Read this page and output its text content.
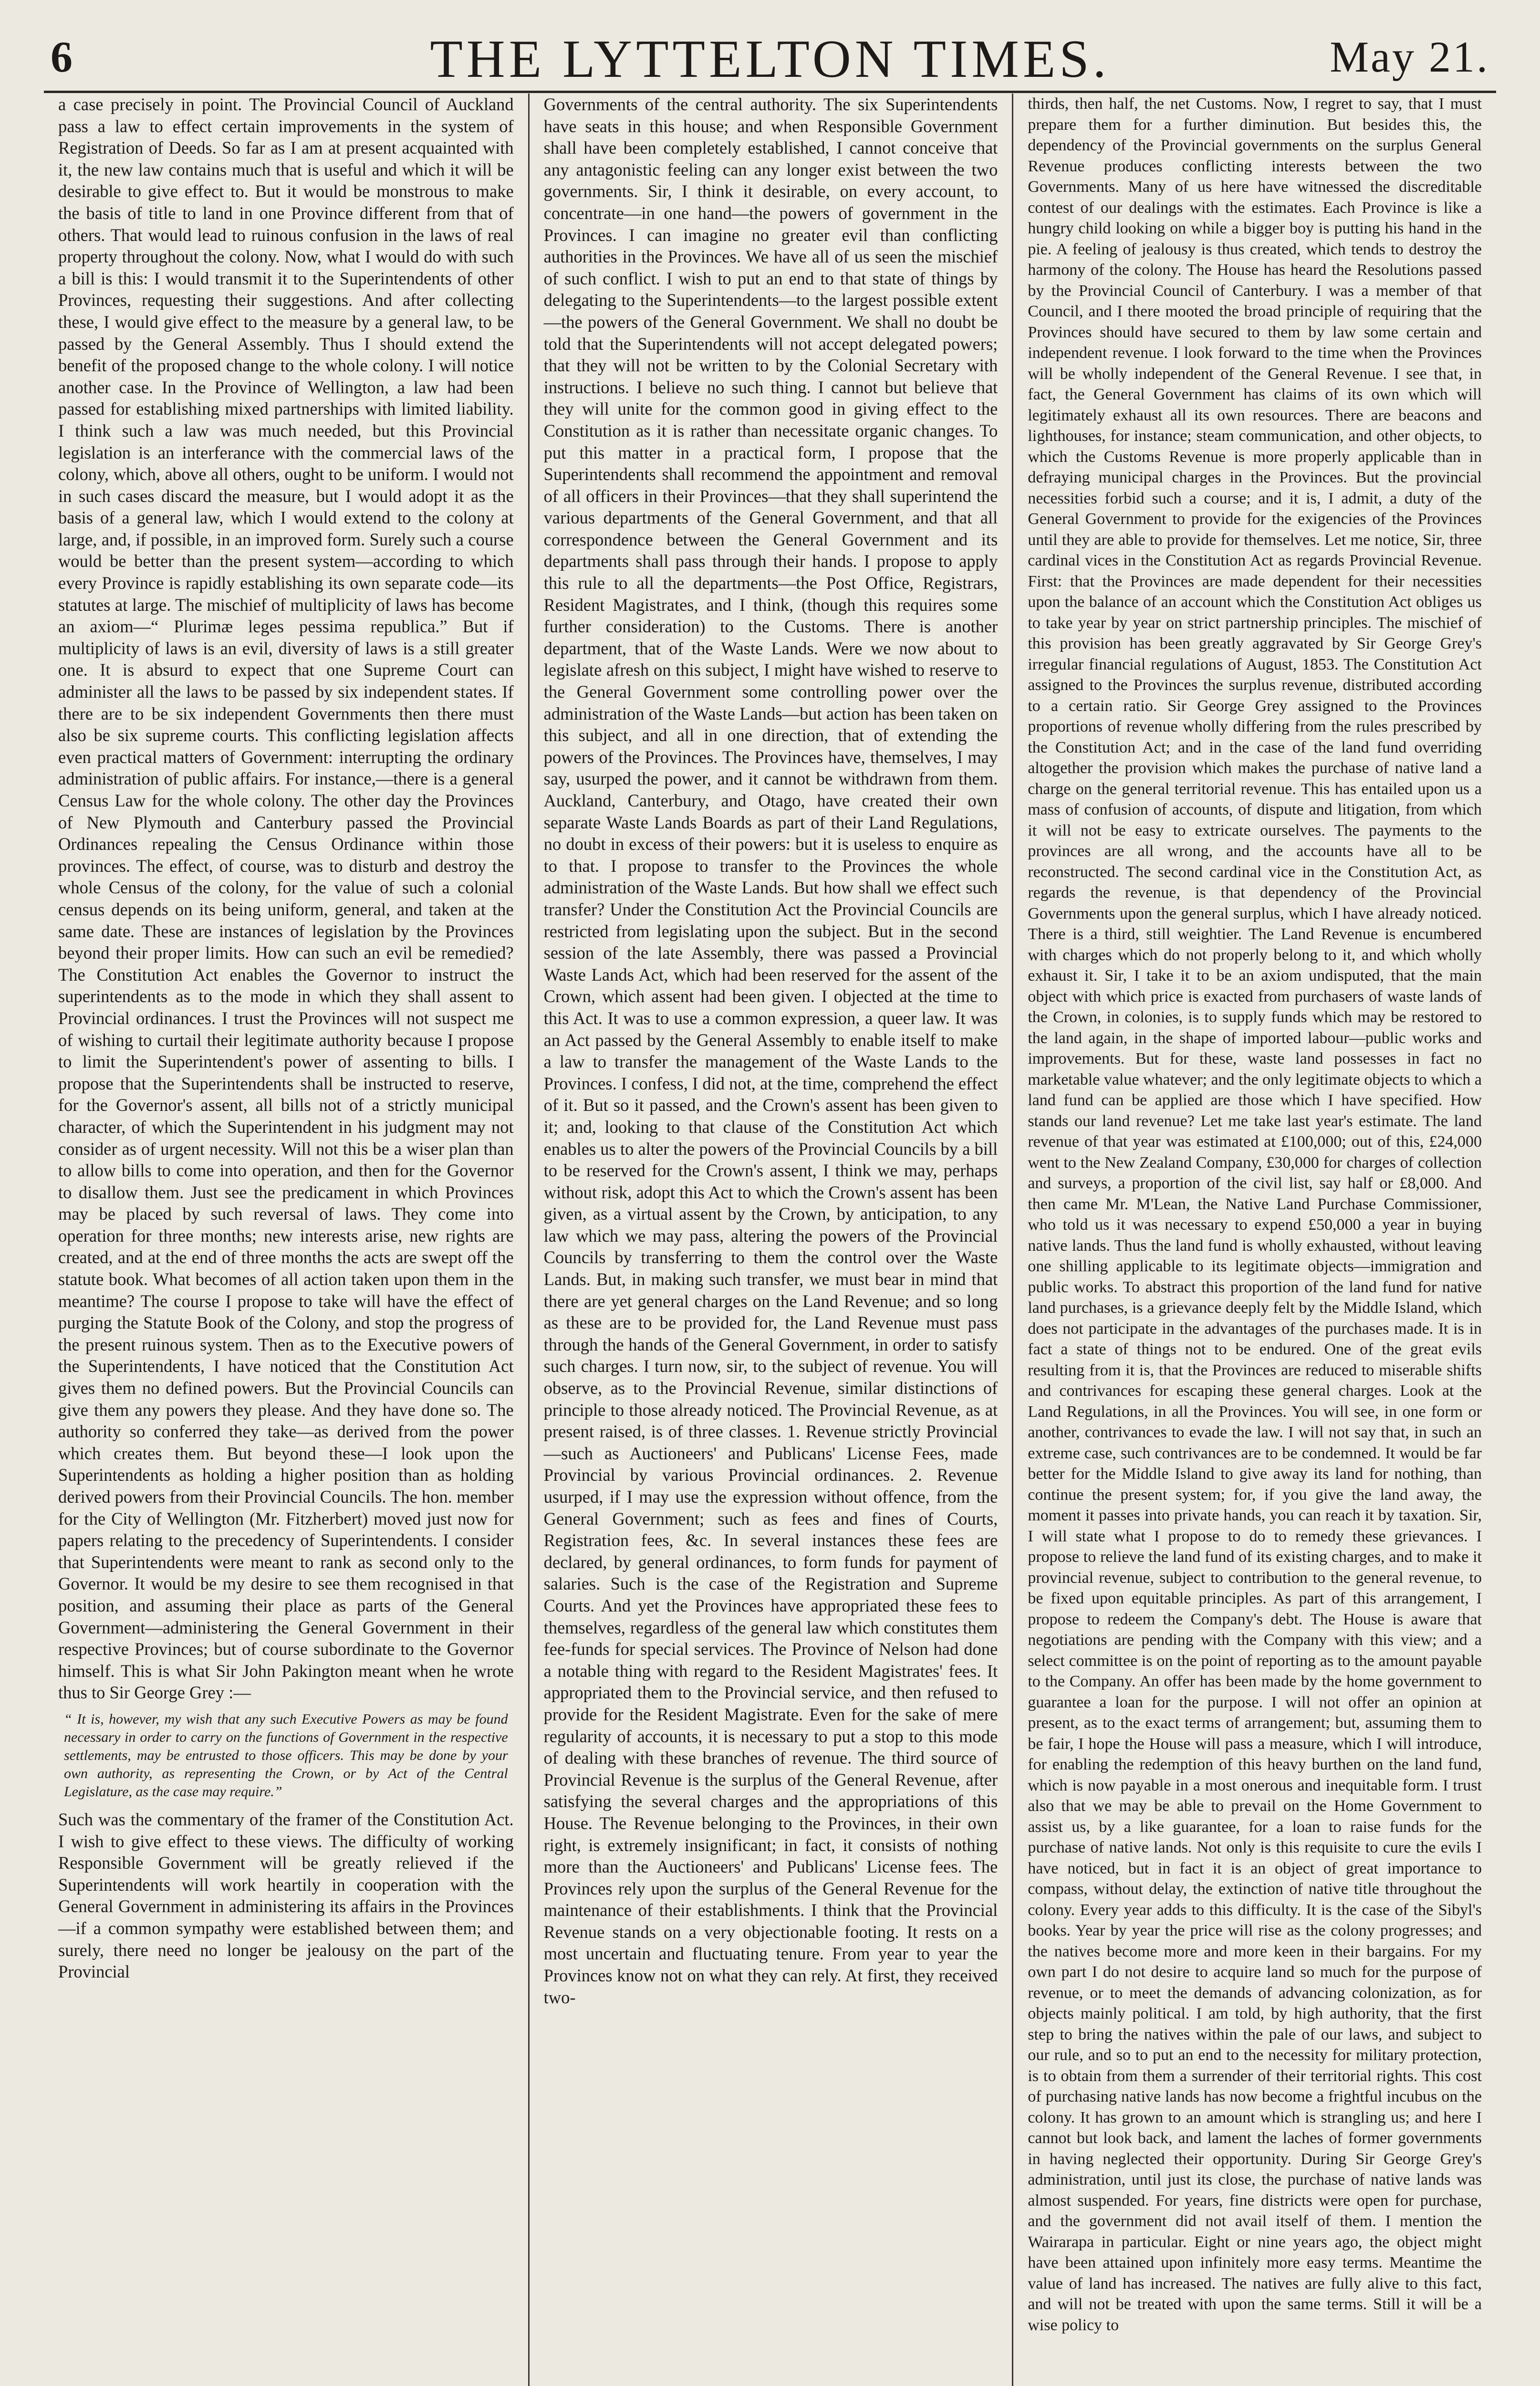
6	THE LYTTELTON TIMES.	May 21.

a case precisely in point. The Provincial Council of Auckland pass a law to effect certain improvements in the system of Registration of Deeds. So far as I am at present acquainted with it, the new law contains much that is useful and which it will be desirable to give effect to. But it would be monstrous to make the basis of title to land in one Province different from that of others. That would lead to ruinous confusion in the laws of real property throughout the colony. Now, what I would do with such a bill is this: I would transmit it to the Superintendents of other Provinces, requesting their suggestions. And after collecting these, I would give effect to the measure by a general law, to be passed by the General Assembly. Thus I should extend the benefit of the proposed change to the whole colony. I will notice another case. In the Province of Wellington, a law had been passed for establishing mixed partnerships with limited liability. I think such a law was much needed, but this Provincial legislation is an interferance with the commercial laws of the colony, which, above all others, ought to be uniform. I would not in such cases discard the measure, but I would adopt it as the basis of a general law, which I would extend to the colony at large, and, if possible, in an improved form. Surely such a course would be better than the present system—according to which every Province is rapidly establishing its own separate code—its statutes at large. The mischief of multiplicity of laws has become an axiom—“ Plurimæ leges pessima republica.” But if multiplicity of laws is an evil, diversity of laws is a still greater one. It is absurd to expect that one Supreme Court can administer all the laws to be passed by six independent states. If there are to be six independent Governments then there must also be six supreme courts. This conflicting legislation affects even practical matters of Government: interrupting the ordinary administration of public affairs. For instance,—there is a general Census Law for the whole colony. The other day the Provinces of New Plymouth and Canterbury passed the Provincial Ordinances repealing the Census Ordinance within those provinces. The effect, of course, was to disturb and destroy the whole Census of the colony, for the value of such a colonial census depends on its being uniform, general, and taken at the same date. These are instances of legislation by the Provinces beyond their proper limits. How can such an evil be remedied? The Constitution Act enables the Governor to instruct the superintendents as to the mode in which they shall assent to Provincial ordinances. I trust the Provinces will not suspect me of wishing to curtail their legitimate authority because I propose to limit the Superintendent's power of assenting to bills. I propose that the Superintendents shall be instructed to reserve, for the Governor's assent, all bills not of a strictly municipal character, of which the Superintendent in his judgment may not consider as of urgent necessity. Will not this be a wiser plan than to allow bills to come into operation, and then for the Governor to disallow them. Just see the predicament in which Provinces may be placed by such reversal of laws. They come into operation for three months; new interests arise, new rights are created, and at the end of three months the acts are swept off the statute book. What becomes of all action taken upon them in the meantime? The course I propose to take will have the effect of purging the Statute Book of the Colony, and stop the progress of the present ruinous system. Then as to the Executive powers of the Superintendents, I have noticed that the Constitution Act gives them no defined powers. But the Provincial Councils can give them any powers they please. And they have done so. The authority so conferred they take—as derived from the power which creates them. But beyond these—I look upon the Superintendents as holding a higher position than as holding derived powers from their Provincial Councils. The hon. member for the City of Wellington (Mr. Fitzherbert) moved just now for papers relating to the precedency of Superintendents. I consider that Superintendents were meant to rank as second only to the Governor. It would be my desire to see them recognised in that position, and assuming their place as parts of the General Government—administering the General Government in their respective Provinces; but of course subordinate to the Governor himself. This is what Sir John Pakington meant when he wrote thus to Sir George Grey :—

“ It is, however, my wish that any such Executive Powers as may be found necessary in order to carry on the functions of Government in the respective settlements, may be entrusted to those officers. This may be done by your own authority, as representing the Crown, or by Act of the Central Legislature, as the case may require.”

Such was the commentary of the framer of the Constitution Act. I wish to give effect to these views. The difficulty of working Responsible Government will be greatly relieved if the Superintendents will work heartily in cooperation with the General Government in administering its affairs in the Provinces—if a common sympathy were established between them; and surely, there need no longer be jealousy on the part of the Provincial

Governments of the central authority. The six Superintendents have seats in this house; and when Responsible Government shall have been completely established, I cannot conceive that any antagonistic feeling can any longer exist between the two governments. Sir, I think it desirable, on every account, to concentrate—in one hand—the powers of government in the Provinces. I can imagine no greater evil than conflicting authorities in the Provinces. We have all of us seen the mischief of such conflict. I wish to put an end to that state of things by delegating to the Superintendents—to the largest possible extent—the powers of the General Government. We shall no doubt be told that the Superintendents will not accept delegated powers; that they will not be written to by the Colonial Secretary with instructions. I believe no such thing. I cannot but believe that they will unite for the common good in giving effect to the Constitution as it is rather than necessitate organic changes. To put this matter in a practical form, I propose that the Superintendents shall recommend the appointment and removal of all officers in their Provinces—that they shall superintend the various departments of the General Government, and that all correspondence between the General Government and its departments shall pass through their hands. I propose to apply this rule to all the departments—the Post Office, Registrars, Resident Magistrates, and I think, (though this requires some further consideration) to the Customs. There is another department, that of the Waste Lands. Were we now about to legislate afresh on this subject, I might have wished to reserve to the General Government some controlling power over the administration of the Waste Lands—but action has been taken on this subject, and all in one direction, that of extending the powers of the Provinces. The Provinces have, themselves, I may say, usurped the power, and it cannot be withdrawn from them. Auckland, Canterbury, and Otago, have created their own separate Waste Lands Boards as part of their Land Regulations, no doubt in excess of their powers: but it is useless to enquire as to that. I propose to transfer to the Provinces the whole administration of the Waste Lands. But how shall we effect such transfer? Under the Constitution Act the Provincial Councils are restricted from legislating upon the subject. But in the second session of the late Assembly, there was passed a Provincial Waste Lands Act, which had been reserved for the assent of the Crown, which assent had been given. I objected at the time to this Act. It was to use a common expression, a queer law. It was an Act passed by the General Assembly to enable itself to make a law to transfer the management of the Waste Lands to the Provinces. I confess, I did not, at the time, comprehend the effect of it. But so it passed, and the Crown's assent has been given to it; and, looking to that clause of the Constitution Act which enables us to alter the powers of the Provincial Councils by a bill to be reserved for the Crown's assent, I think we may, perhaps without risk, adopt this Act to which the Crown's assent has been given, as a virtual assent by the Crown, by anticipation, to any law which we may pass, altering the powers of the Provincial Councils by transferring to them the control over the Waste Lands. But, in making such transfer, we must bear in mind that there are yet general charges on the Land Revenue; and so long as these are to be provided for, the Land Revenue must pass through the hands of the General Government, in order to satisfy such charges. I turn now, sir, to the subject of revenue. You will observe, as to the Provincial Revenue, similar distinctions of principle to those already noticed. The Provincial Revenue, as at present raised, is of three classes. 1. Revenue strictly Provincial—such as Auctioneers' and Publicans' License Fees, made Provincial by various Provincial ordinances. 2. Revenue usurped, if I may use the expression without offence, from the General Government; such as fees and fines of Courts, Registration fees, &c. In several instances these fees are declared, by general ordinances, to form funds for payment of salaries. Such is the case of the Registration and Supreme Courts. And yet the Provinces have appropriated these fees to themselves, regardless of the general law which constitutes them fee-funds for special services. The Province of Nelson had done a notable thing with regard to the Resident Magistrates' fees. It appropriated them to the Provincial service, and then refused to provide for the Resident Magistrate. Even for the sake of mere regularity of accounts, it is necessary to put a stop to this mode of dealing with these branches of revenue. The third source of Provincial Revenue is the surplus of the General Revenue, after satisfying the several charges and the appropriations of this House. The Revenue belonging to the Provinces, in their own right, is extremely insignificant; in fact, it consists of nothing more than the Auctioneers' and Publicans' License fees. The Provinces rely upon the surplus of the General Revenue for the maintenance of their establishments. I think that the Provincial Revenue stands on a very objectionable footing. It rests on a most uncertain and fluctuating tenure. From year to year the Provinces know not on what they can rely. At first, they received two-

thirds, then half, the net Customs. Now, I regret to say, that I must prepare them for a further diminution. But besides this, the dependency of the Provincial governments on the surplus General Revenue produces conflicting interests between the two Governments. Many of us here have witnessed the discreditable contest of our dealings with the estimates. Each Province is like a hungry child looking on while a bigger boy is putting his hand in the pie. A feeling of jealousy is thus created, which tends to destroy the harmony of the colony. The House has heard the Resolutions passed by the Provincial Council of Canterbury. I was a member of that Council, and I there mooted the broad principle of requiring that the Provinces should have secured to them by law some certain and independent revenue. I look forward to the time when the Provinces will be wholly independent of the General Revenue. I see that, in fact, the General Government has claims of its own which will legitimately exhaust all its own resources. There are beacons and lighthouses, for instance; steam communication, and other objects, to which the Customs Revenue is more properly applicable than in defraying municipal charges in the Provinces. But the provincial necessities forbid such a course; and it is, I admit, a duty of the General Government to provide for the exigencies of the Provinces until they are able to provide for themselves. Let me notice, Sir, three cardinal vices in the Constitution Act as regards Provincial Revenue. First: that the Provinces are made dependent for their necessities upon the balance of an account which the Constitution Act obliges us to take year by year on strict partnership principles. The mischief of this provision has been greatly aggravated by Sir George Grey's irregular financial regulations of August, 1853. The Constitution Act assigned to the Provinces the surplus revenue, distributed according to a certain ratio. Sir George Grey assigned to the Provinces proportions of revenue wholly differing from the rules prescribed by the Constitution Act; and in the case of the land fund overriding altogether the provision which makes the purchase of native land a charge on the general territorial revenue. This has entailed upon us a mass of confusion of accounts, of dispute and litigation, from which it will not be easy to extricate ourselves. The payments to the provinces are all wrong, and the accounts have all to be reconstructed. The second cardinal vice in the Constitution Act, as regards the revenue, is that dependency of the Provincial Governments upon the general surplus, which I have already noticed. There is a third, still weightier. The Land Revenue is encumbered with charges which do not properly belong to it, and which wholly exhaust it. Sir, I take it to be an axiom undisputed, that the main object with which price is exacted from purchasers of waste lands of the Crown, in colonies, is to supply funds which may be restored to the land again, in the shape of imported labour—public works and improvements. But for these, waste land possesses in fact no marketable value whatever; and the only legitimate objects to which a land fund can be applied are those which I have specified. How stands our land revenue? Let me take last year's estimate. The land revenue of that year was estimated at £100,000; out of this, £24,000 went to the New Zealand Company, £30,000 for charges of collection and surveys, a proportion of the civil list, say half or £8,000. And then came Mr. M'Lean, the Native Land Purchase Commissioner, who told us it was necessary to expend £50,000 a year in buying native lands. Thus the land fund is wholly exhausted, without leaving one shilling applicable to its legitimate objects—immigration and public works. To abstract this proportion of the land fund for native land purchases, is a grievance deeply felt by the Middle Island, which does not participate in the advantages of the purchases made. It is in fact a state of things not to be endured. One of the great evils resulting from it is, that the Provinces are reduced to miserable shifts and contrivances for escaping these general charges. Look at the Land Regulations, in all the Provinces. You will see, in one form or another, contrivances to evade the law. I will not say that, in such an extreme case, such contrivances are to be condemned. It would be far better for the Middle Island to give away its land for nothing, than continue the present system; for, if you give the land away, the moment it passes into private hands, you can reach it by taxation. Sir, I will state what I propose to do to remedy these grievances. I propose to relieve the land fund of its existing charges, and to make it provincial revenue, subject to contribution to the general revenue, to be fixed upon equitable principles. As part of this arrangement, I propose to redeem the Company's debt. The House is aware that negotiations are pending with the Company with this view; and a select committee is on the point of reporting as to the amount payable to the Company. An offer has been made by the home government to guarantee a loan for the purpose. I will not offer an opinion at present, as to the exact terms of arrangement; but, assuming them to be fair, I hope the House will pass a measure, which I will introduce, for enabling the redemption of this heavy burthen on the land fund, which is now payable in a most onerous and inequitable form. I trust also that we may be able to prevail on the Home Government to assist us, by a like guarantee, for a loan to raise funds for the purchase of native lands. Not only is this requisite to cure the evils I have noticed, but in fact it is an object of great importance to compass, without delay, the extinction of native title throughout the colony. Every year adds to this difficulty. It is the case of the Sibyl's books. Year by year the price will rise as the colony progresses; and the natives become more and more keen in their bargains. For my own part I do not desire to acquire land so much for the purpose of revenue, or to meet the demands of advancing colonization, as for objects mainly political. I am told, by high authority, that the first step to bring the natives within the pale of our laws, and subject to our rule, and so to put an end to the necessity for military protection, is to obtain from them a surrender of their territorial rights. This cost of purchasing native lands has now become a frightful incubus on the colony. It has grown to an amount which is strangling us; and here I cannot but look back, and lament the laches of former governments in having neglected their opportunity. During Sir George Grey's administration, until just its close, the purchase of native lands was almost suspended. For years, fine districts were open for purchase, and the government did not avail itself of them. I mention the Wairarapa in particular. Eight or nine years ago, the object might have been attained upon infinitely more easy terms. Meantime the value of land has increased. The natives are fully alive to this fact, and will not be treated with upon the same terms. Still it will be a wise policy to
